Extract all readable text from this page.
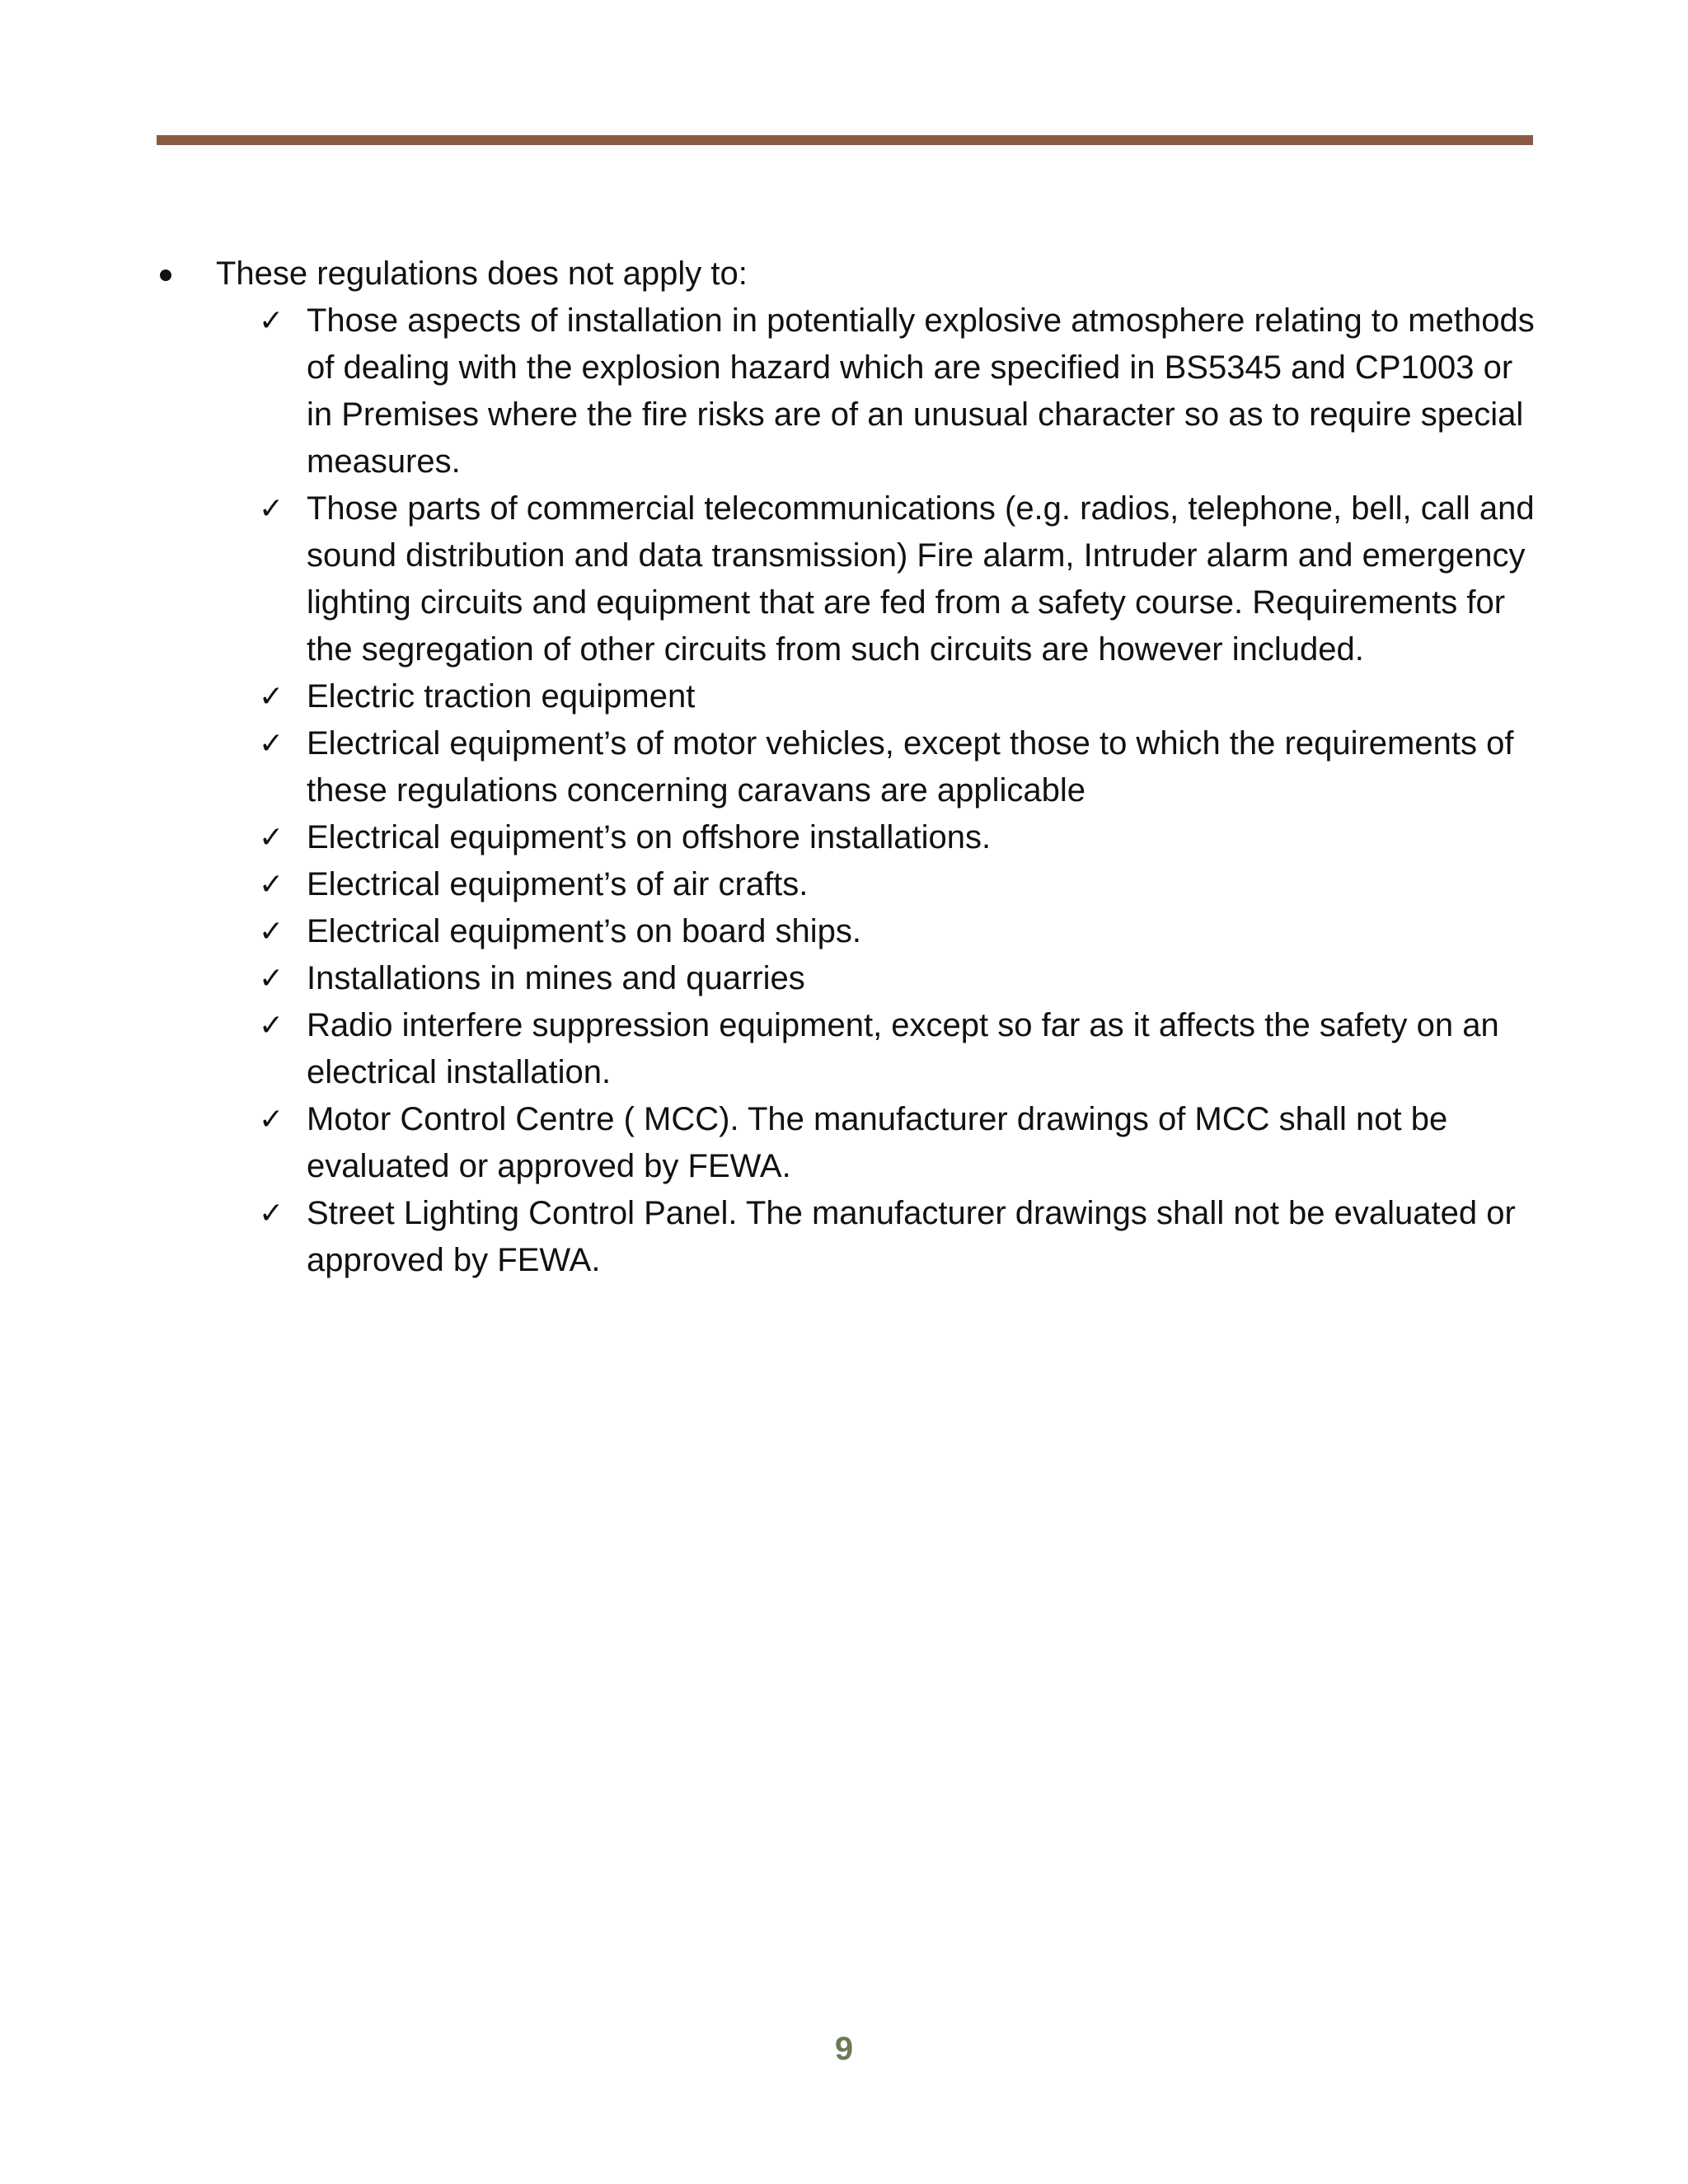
These regulations does not apply to:

✓ Those aspects of installation in potentially explosive atmosphere relating to methods of dealing with the explosion hazard which are specified in BS5345 and CP1003 or in Premises where the fire risks are of an unusual character so as to require special measures.
✓ Those parts of commercial telecommunications (e.g. radios, telephone, bell, call and sound distribution and data transmission) Fire alarm, Intruder alarm and emergency lighting circuits and equipment that are fed from a safety course. Requirements for the segregation of other circuits from such circuits are however included.
✓ Electric traction equipment
✓ Electrical equipment’s of motor vehicles, except those to which the requirements of these regulations concerning caravans are applicable
✓ Electrical equipment’s on offshore installations.
✓ Electrical equipment’s of air crafts.
✓ Electrical equipment’s on board ships.
✓ Installations in mines and quarries
✓ Radio interfere suppression equipment, except so far as it affects the safety on an electrical installation.
✓ Motor Control Centre ( MCC). The manufacturer drawings of MCC shall not be evaluated or approved by FEWA.
✓ Street Lighting Control Panel. The manufacturer drawings shall not be evaluated or approved by FEWA.
9
